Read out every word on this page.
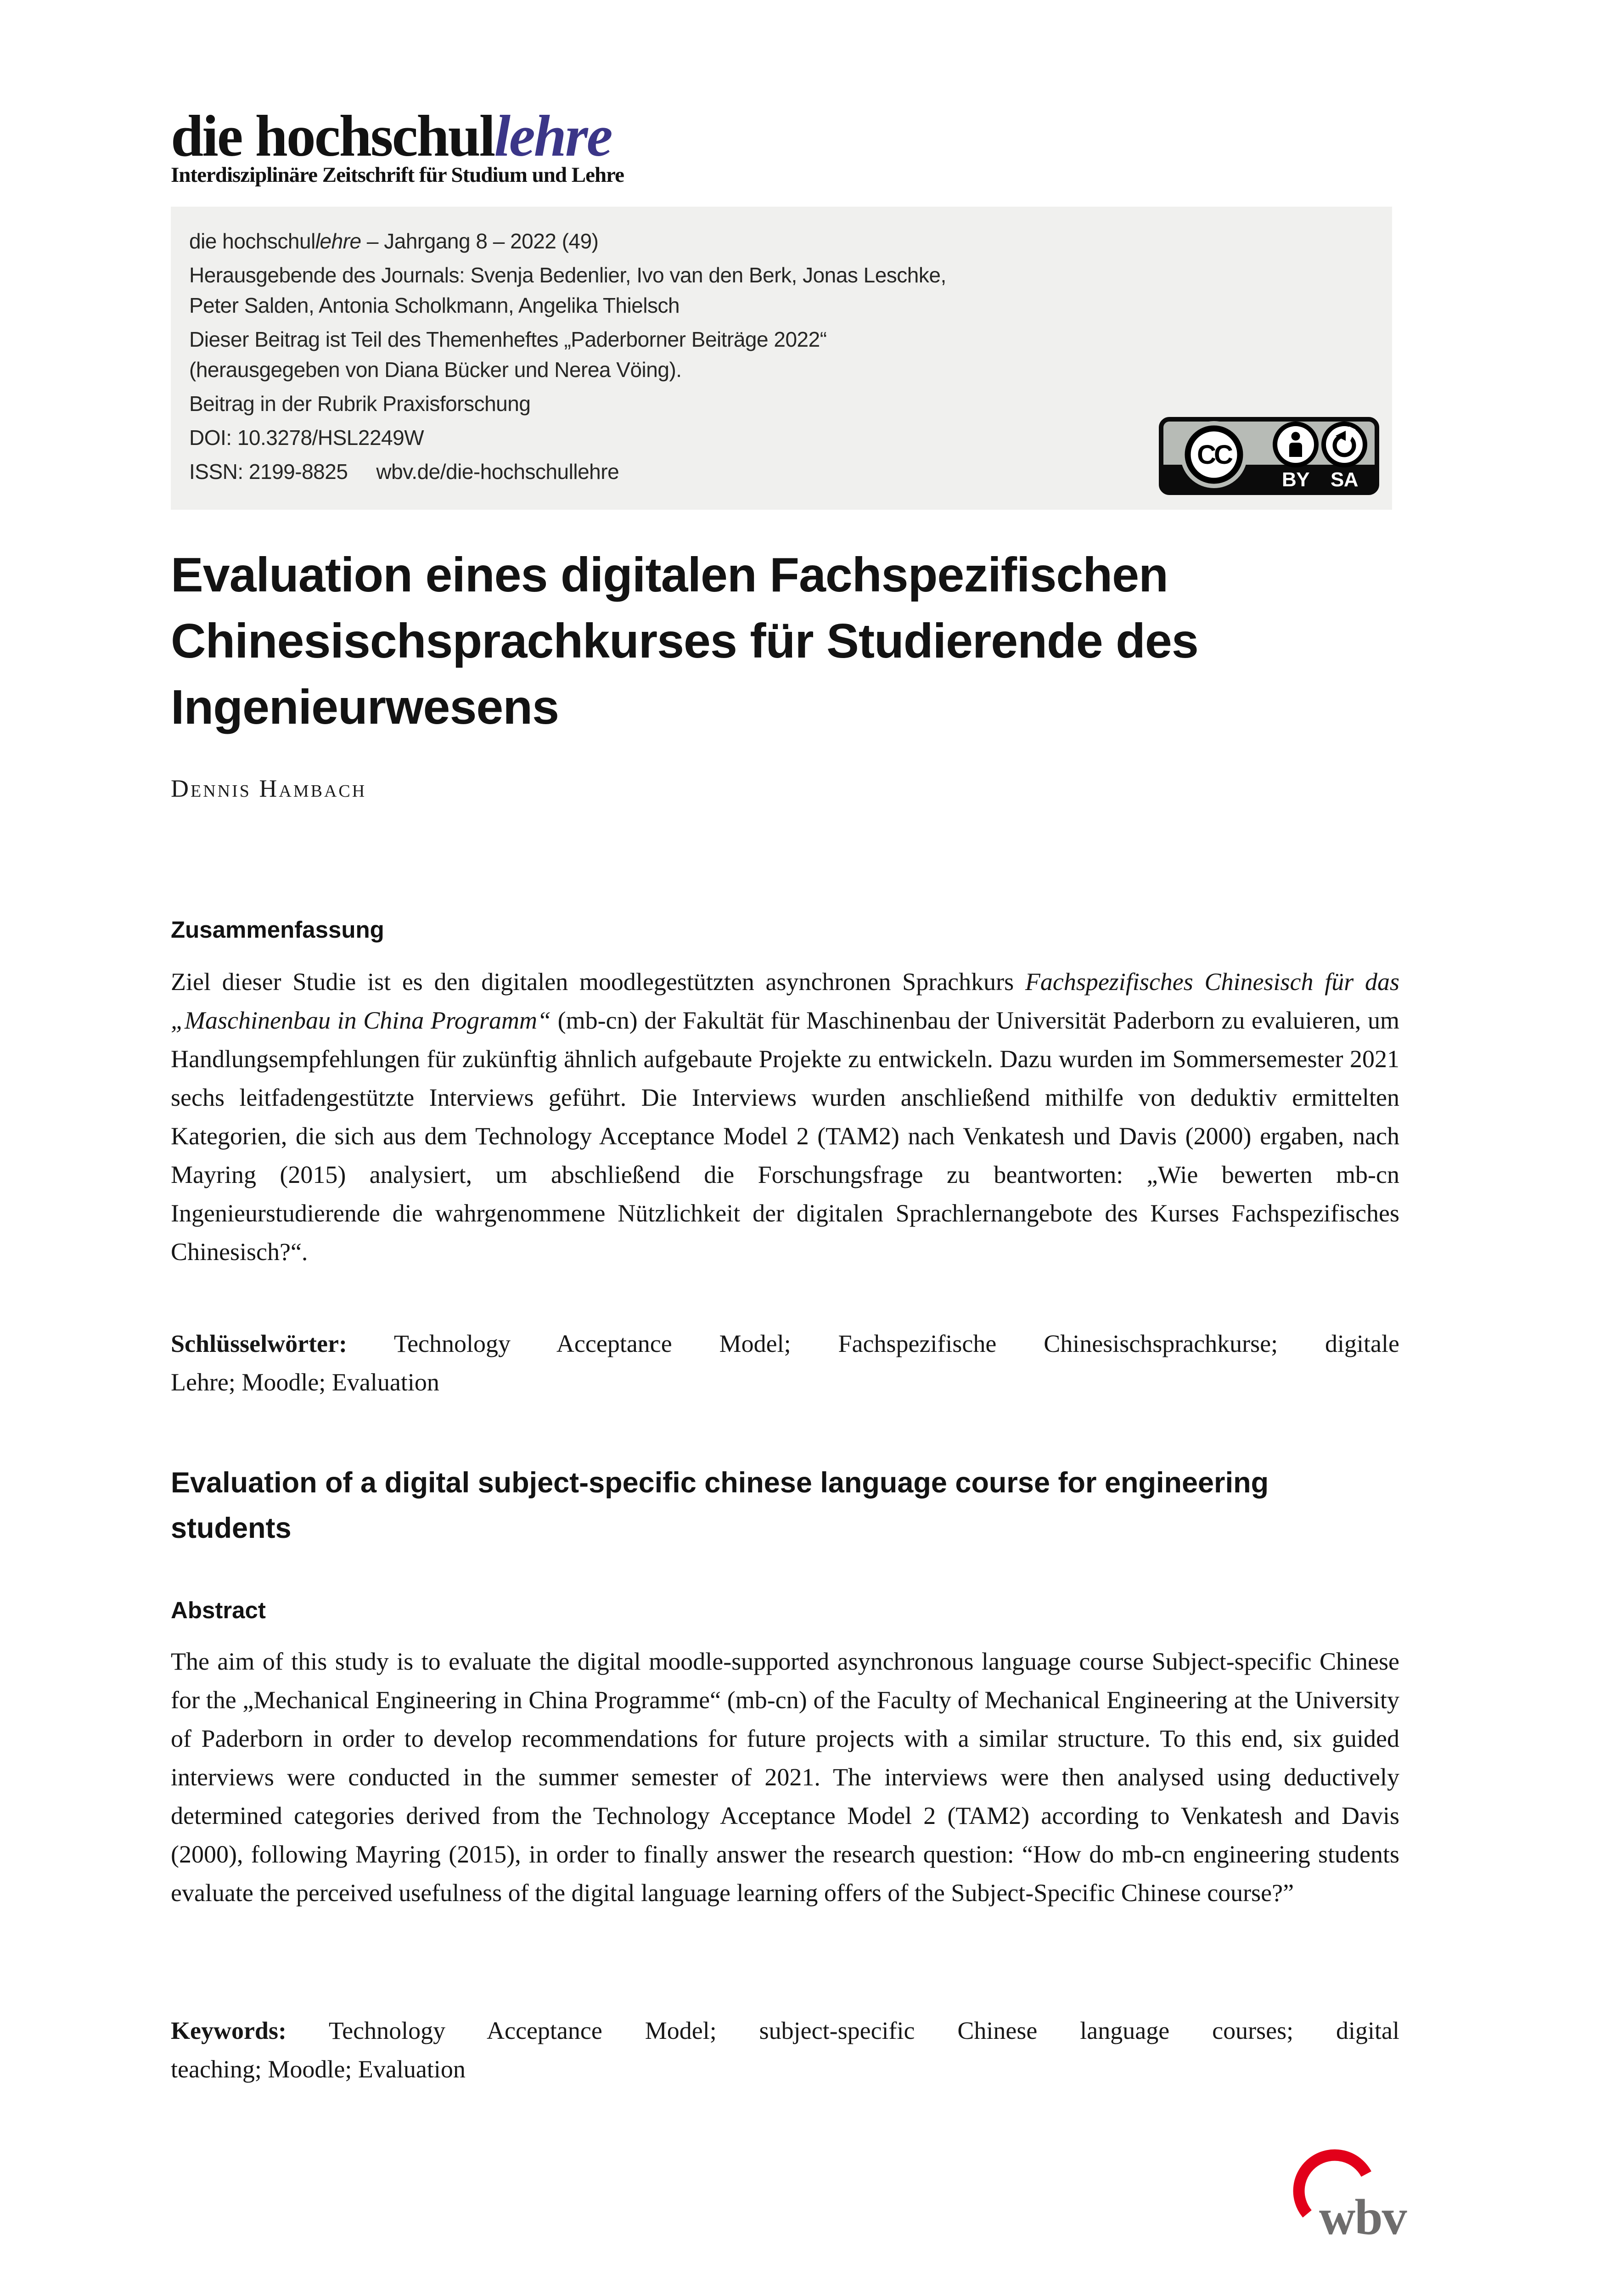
die hochschullehre
Interdisziplinäre Zeitschrift für Studium und Lehre

die hochschullehre – Jahrgang 8 – 2022 (49)

Herausgebende des Journals: Svenja Bedenlier, Ivo van den Berk, Jonas Leschke,
Peter Salden, Antonia Scholkmann, Angelika Thielsch

Dieser Beitrag ist Teil des Themenheftes „Paderborner Beiträge 2022“
(herausgegeben von Diana Bücker und Nerea Vöing).

Beitrag in der Rubrik Praxisforschung

DOI: 10.3278/HSL2249W

ISSN: 2199-8825 wbv.de/die-hochschullehre

CC
BY SA
Evaluation eines digitalen Fachspezifischen
Chinesischsprachkurses für Studierende des
Ingenieurwesens
Dennis Hambach
Zusammenfassung

Ziel dieser Studie ist es den digitalen moodlegestützten asynchronen Sprachkurs Fachspezifisches Chinesisch für das „Maschinenbau in China Programm“ (mb-cn) der Fakultät für Maschinenbau der Universität Paderborn zu evaluieren, um Handlungsempfehlungen für zukünftig ähnlich aufgebaute Projekte zu entwickeln. Dazu wurden im Sommersemester 2021 sechs leitfadengestützte Interviews geführt. Die Interviews wurden anschließend mithilfe von deduktiv ermittelten Kategorien, die sich aus dem Technology Acceptance Model 2 (TAM2) nach Venkatesh und Davis (2000) ergaben, nach Mayring (2015) analysiert, um abschließend die Forschungsfrage zu beantworten: „Wie bewerten mb-cn Ingenieurstudierende die wahrgenommene Nützlichkeit der digitalen Sprachlernangebote des Kurses Fachspezifisches Chinesisch?“.

Schlüsselwörter: Technology Acceptance Model; Fachspezifische Chinesischsprachkurse; digitale
Lehre; Moodle; Evaluation
Evaluation of a digital subject-specific chinese language course for engineering
students
Abstract

The aim of this study is to evaluate the digital moodle-supported asynchronous language course Subject-specific Chinese for the „Mechanical Engineering in China Programme“ (mb-cn) of the Faculty of Mechanical Engineering at the University of Paderborn in order to develop recommendations for future projects with a similar structure. To this end, six guided interviews were conducted in the summer semester of 2021. The interviews were then analysed using deductively determined categories derived from the Technology Acceptance Model 2 (TAM2) according to Venkatesh and Davis (2000), following Mayring (2015), in order to finally answer the research question: “How do mb-cn engineering students evaluate the perceived usefulness of the digital language learning offers of the Subject-Specific Chinese course?”

Keywords: Technology Acceptance Model; subject-specific Chinese language courses; digital
teaching; Moodle; Evaluation
wbv
